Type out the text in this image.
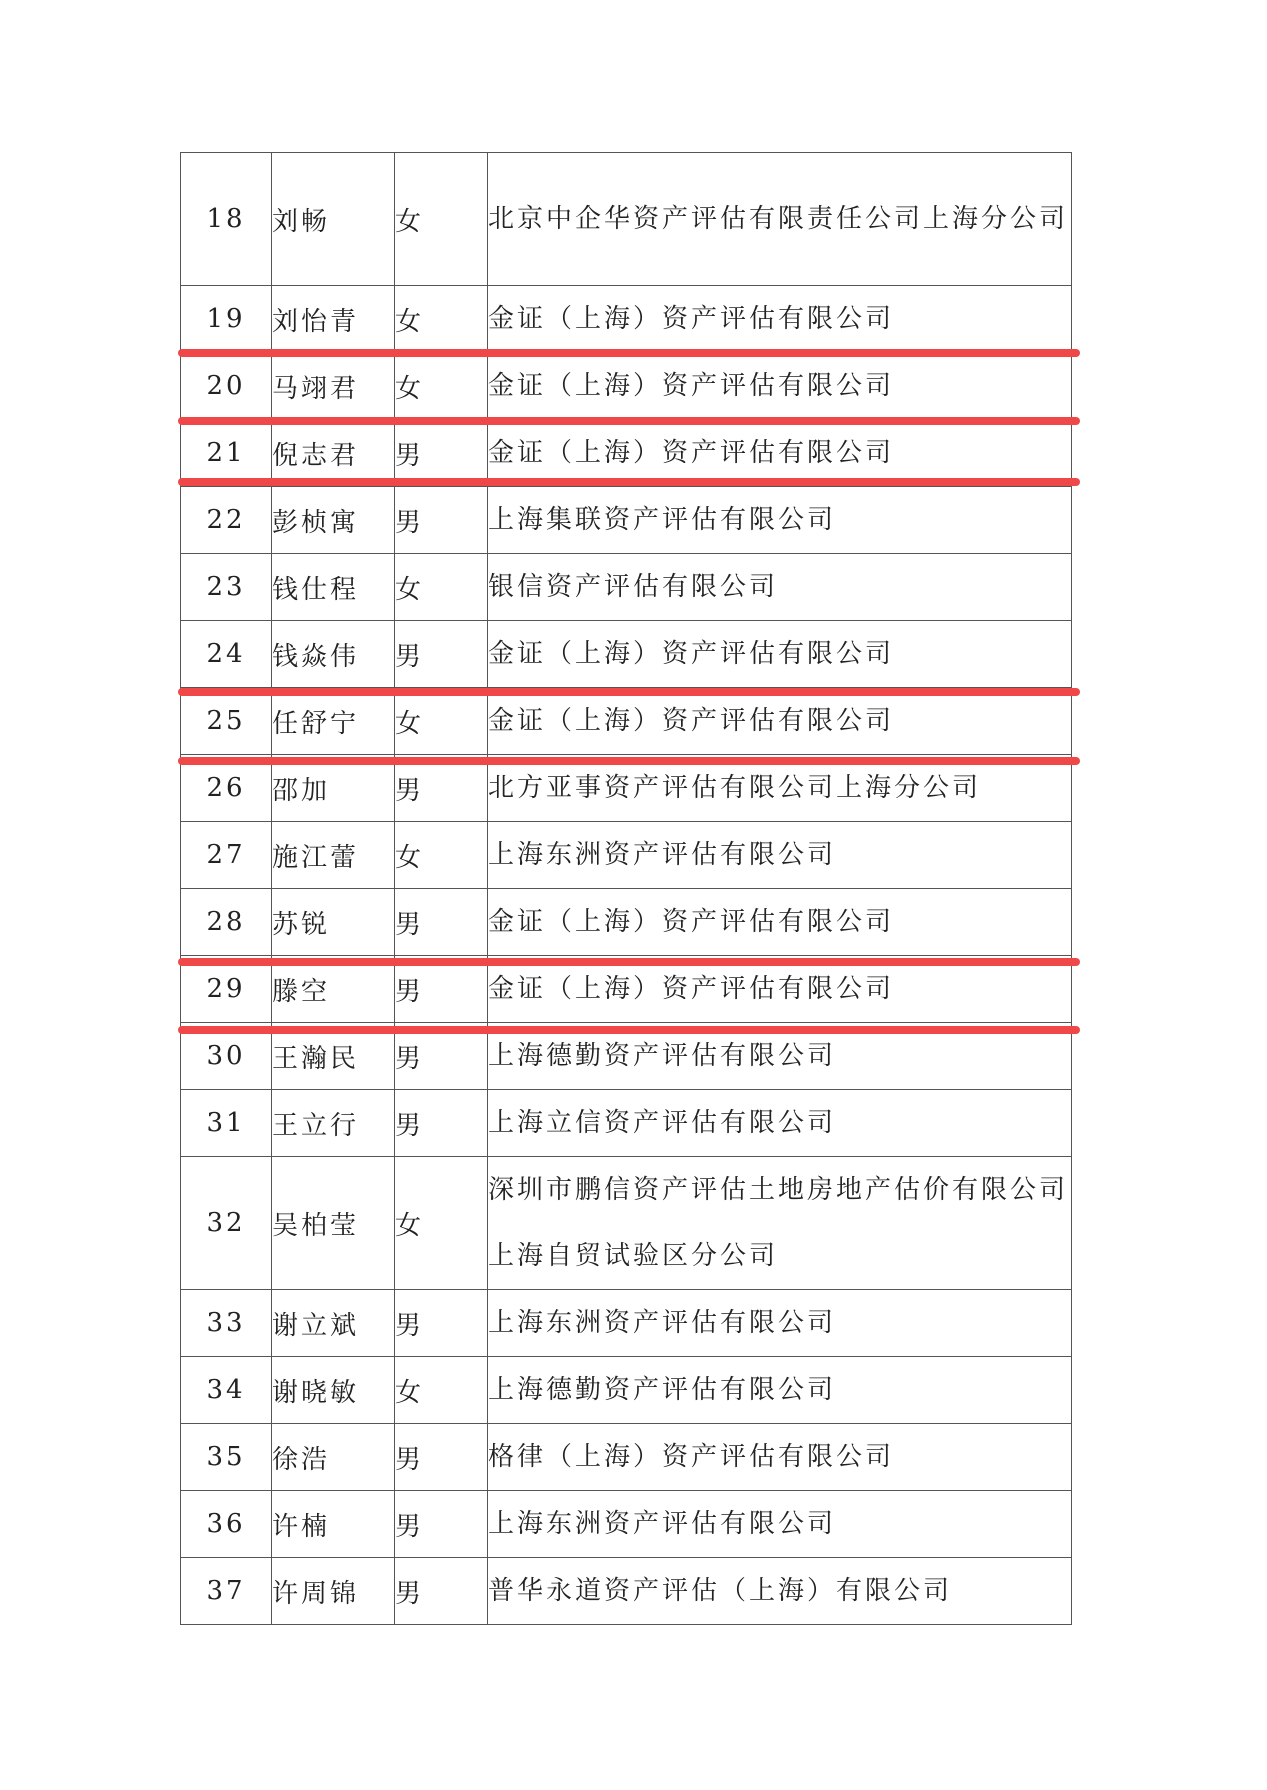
18	刘畅	女	北京中企华资产评估有限责任公司上海分公司
19	刘怡青	女	金证（上海）资产评估有限公司
20	马翊君	女	金证（上海）资产评估有限公司
21	倪志君	男	金证（上海）资产评估有限公司
22	彭桢寓	男	上海集联资产评估有限公司
23	钱仕程	女	银信资产评估有限公司
24	钱焱伟	男	金证（上海）资产评估有限公司
25	任舒宁	女	金证（上海）资产评估有限公司
26	邵加	男	北方亚事资产评估有限公司上海分公司
27	施江蕾	女	上海东洲资产评估有限公司
28	苏锐	男	金证（上海）资产评估有限公司
29	滕空	男	金证（上海）资产评估有限公司
30	王瀚民	男	上海德勤资产评估有限公司
31	王立行	男	上海立信资产评估有限公司
32	吴柏莹	女	深圳市鹏信资产评估土地房地产估价有限公司上海自贸试验区分公司
33	谢立斌	男	上海东洲资产评估有限公司
34	谢晓敏	女	上海德勤资产评估有限公司
35	徐浩	男	格律（上海）资产评估有限公司
36	许楠	男	上海东洲资产评估有限公司
37	许周锦	男	普华永道资产评估（上海）有限公司
